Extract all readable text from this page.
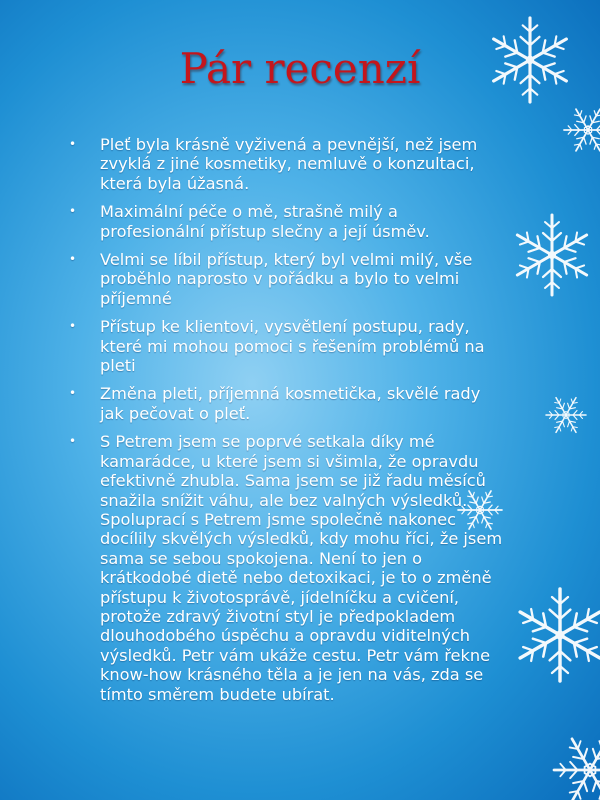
Pár recenzí
• Pleť byla krásně vyživená a pevnější, než jsem zvyklá z jiné kosmetiky, nemluvě o konzultaci, která byla úžasná.
• Maximální péče o mě, strašně milý a profesionální přístup slečny a její úsměv.
• Velmi se líbil přístup, který byl velmi milý, vše proběhlo naprosto v pořádku a bylo to velmi příjemné
• Přístup ke klientovi, vysvětlení postupu, rady, které mi mohou pomoci s řešením problémů na pleti
• Změna pleti, příjemná kosmetička, skvělé rady jak pečovat o pleť.
• S Petrem jsem se poprvé setkala díky mé kamarádce, u které jsem si všimla, že opravdu efektivně zhubla. Sama jsem se již řadu měsíců snažila snížit váhu, ale bez valných výsledků. Spoluprací s Petrem jsme společně nakonec docílily skvělých výsledků, kdy mohu říci, že jsem sama se sebou spokojena. Není to jen o krátkodobé dietě nebo detoxikaci, je to o změně přístupu k životosprávě, jídelníčku a cvičení, protože zdravý životní styl je předpokladem dlouhodobého úspěchu a opravdu viditelných výsledků. Petr vám ukáže cestu. Petr vám řekne know-how krásného těla a je jen na vás, zda se tímto směrem budete ubírat.
